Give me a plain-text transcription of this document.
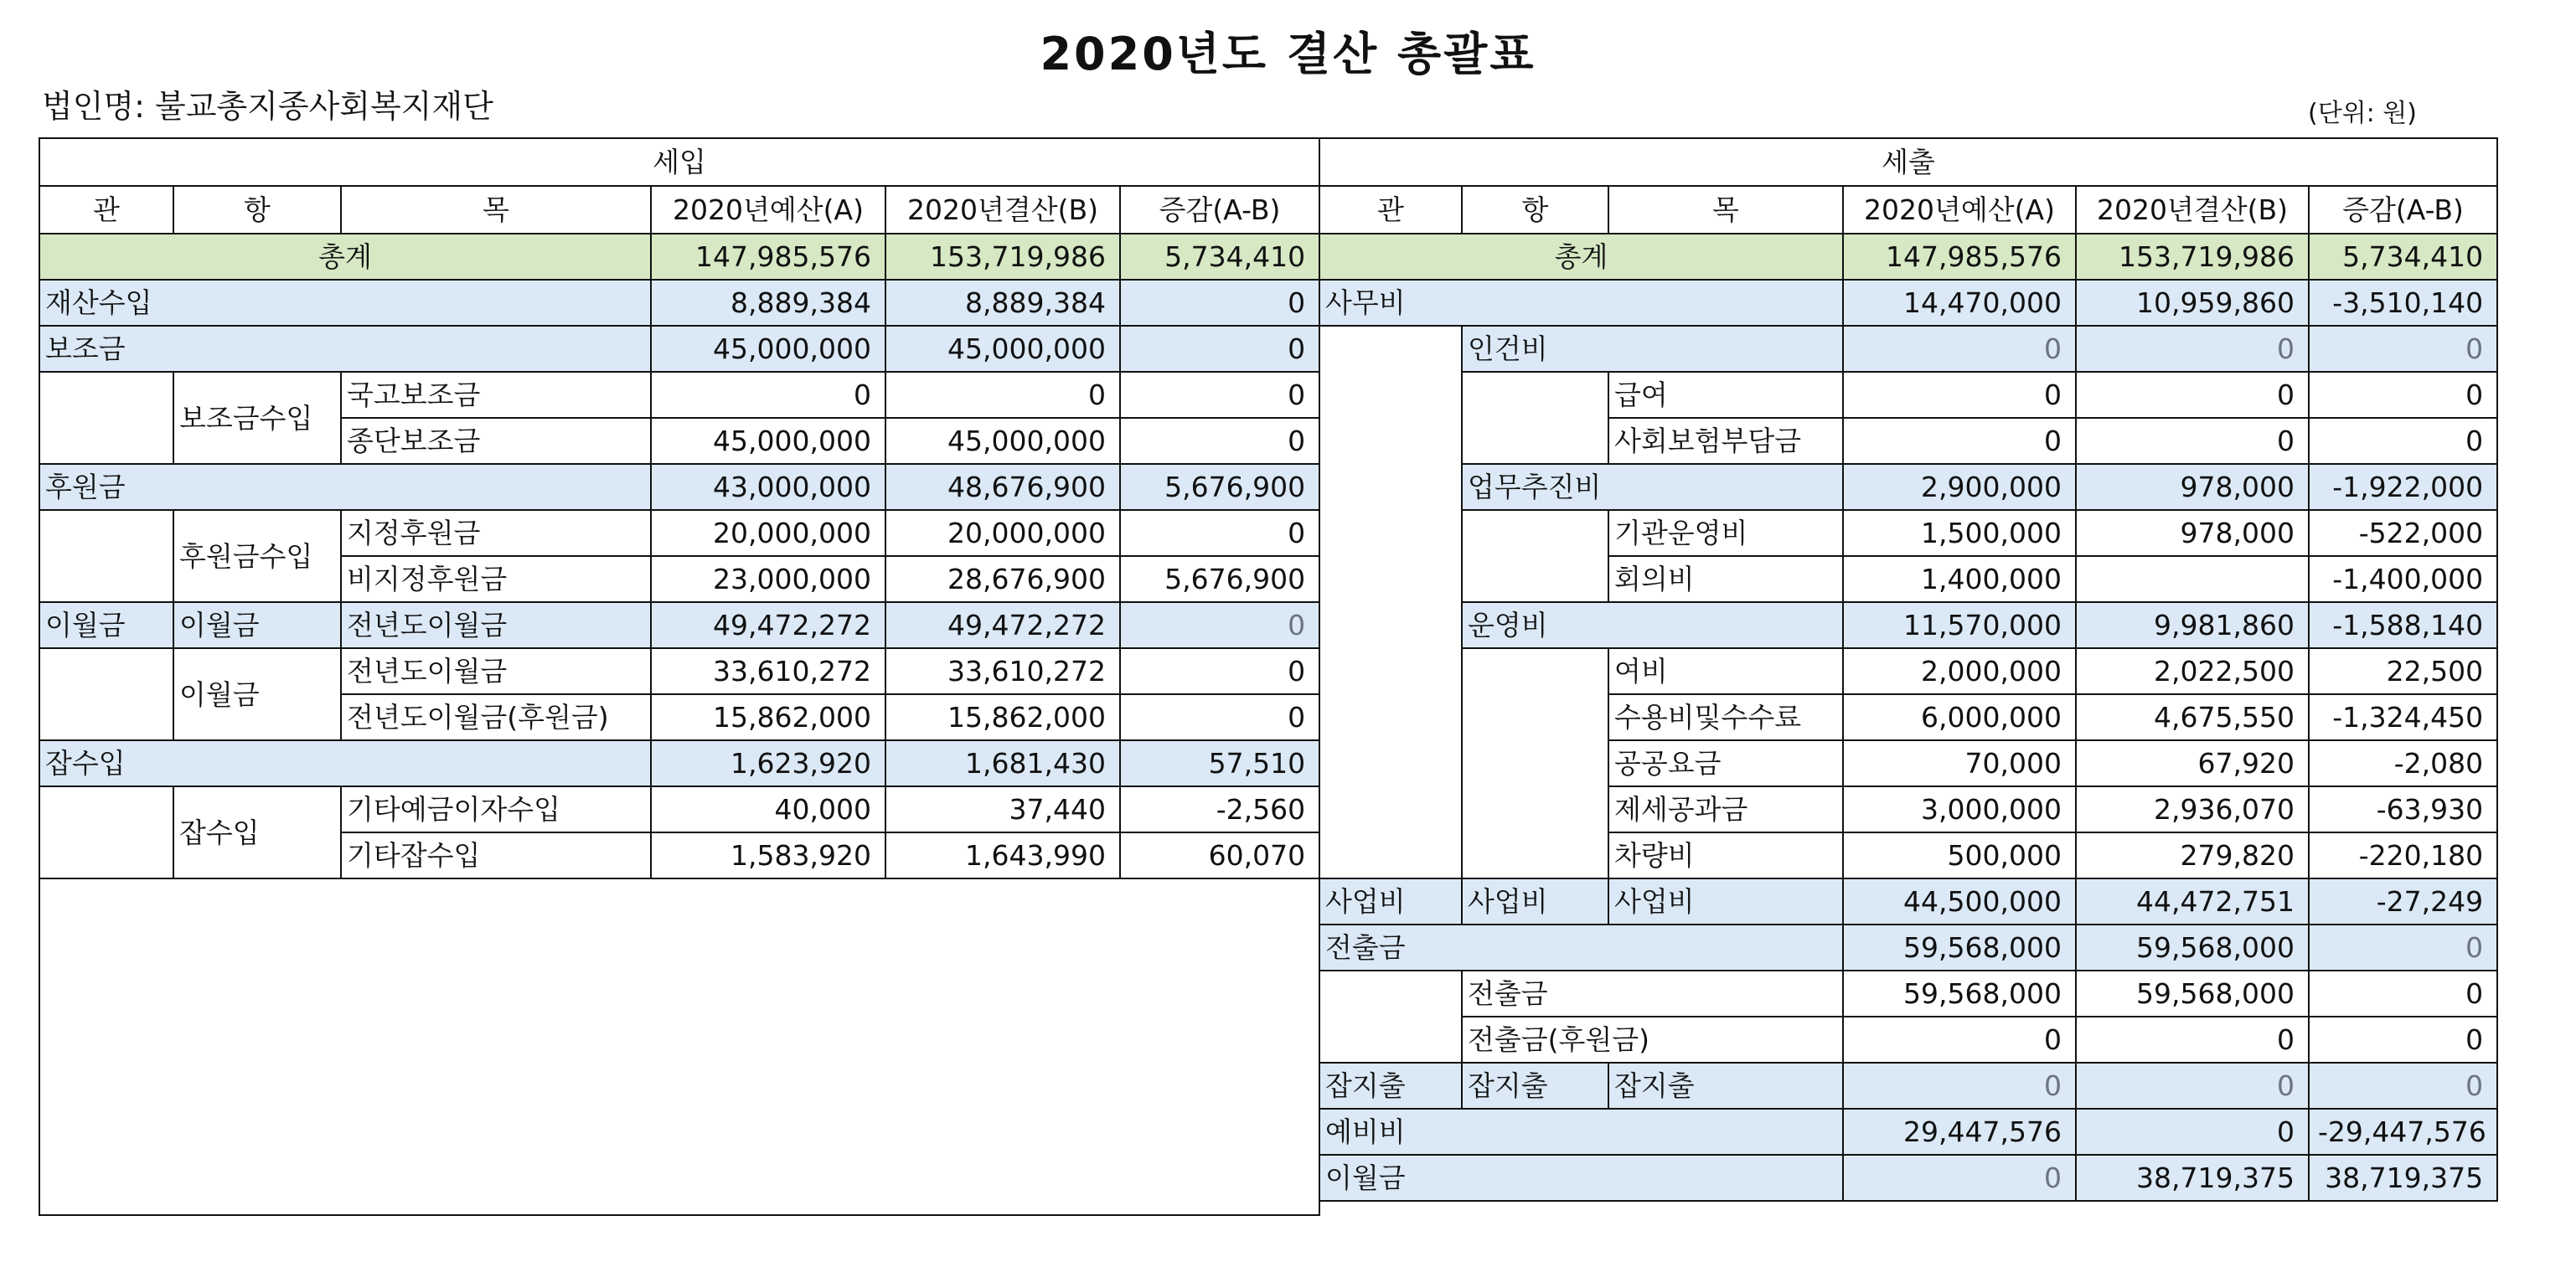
2020년도 결산 총괄표
법인명: 불교총지종사회복지재단	(단위: 원)
세입					
관	항	목	2020년예산(A)	2020년결산(B)	증감(A-B)
총계			147,985,576	153,719,986	5,734,410
재산수입			8,889,384	8,889,384	0
보조금			45,000,000	45,000,000	0
	보조금수입	국고보조금	0	0	0
		종단보조금	45,000,000	45,000,000	0
후원금			43,000,000	48,676,900	5,676,900
	후원금수입	지정후원금	20,000,000	20,000,000	0
		비지정후원금	23,000,000	28,676,900	5,676,900
이월금	이월금	전년도이월금	49,472,272	49,472,272	0
	이월금	전년도이월금	33,610,272	33,610,272	0
		전년도이월금(후원금)	15,862,000	15,862,000	0
잡수입			1,623,920	1,681,430	57,510
	잡수입	기타예금이자수입	40,000	37,440	-2,560
		기타잡수입	1,583,920	1,643,990	60,070

세출					
관	항	목	2020년예산(A)	2020년결산(B)	증감(A-B)
총계			147,985,576	153,719,986	5,734,410
사무비			14,470,000	10,959,860	-3,510,140
	인건비		0	0	0
		급여	0	0	0
		사회보험부담금	0	0	0
	업무추진비		2,900,000	978,000	-1,922,000
		기관운영비	1,500,000	978,000	-522,000
		회의비	1,400,000		-1,400,000
	운영비		11,570,000	9,981,860	-1,588,140
		여비	2,000,000	2,022,500	22,500
		수용비및수수료	6,000,000	4,675,550	-1,324,450
		공공요금	70,000	67,920	-2,080
		제세공과금	3,000,000	2,936,070	-63,930
		차량비	500,000	279,820	-220,180
사업비	사업비	사업비	44,500,000	44,472,751	-27,249
전출금			59,568,000	59,568,000	0
	전출금		59,568,000	59,568,000	0
	전출금(후원금)		0	0	0
잡지출	잡지출	잡지출	0	0	0
예비비			29,447,576	0	-29,447,576
이월금			0	38,719,375	38,719,375
